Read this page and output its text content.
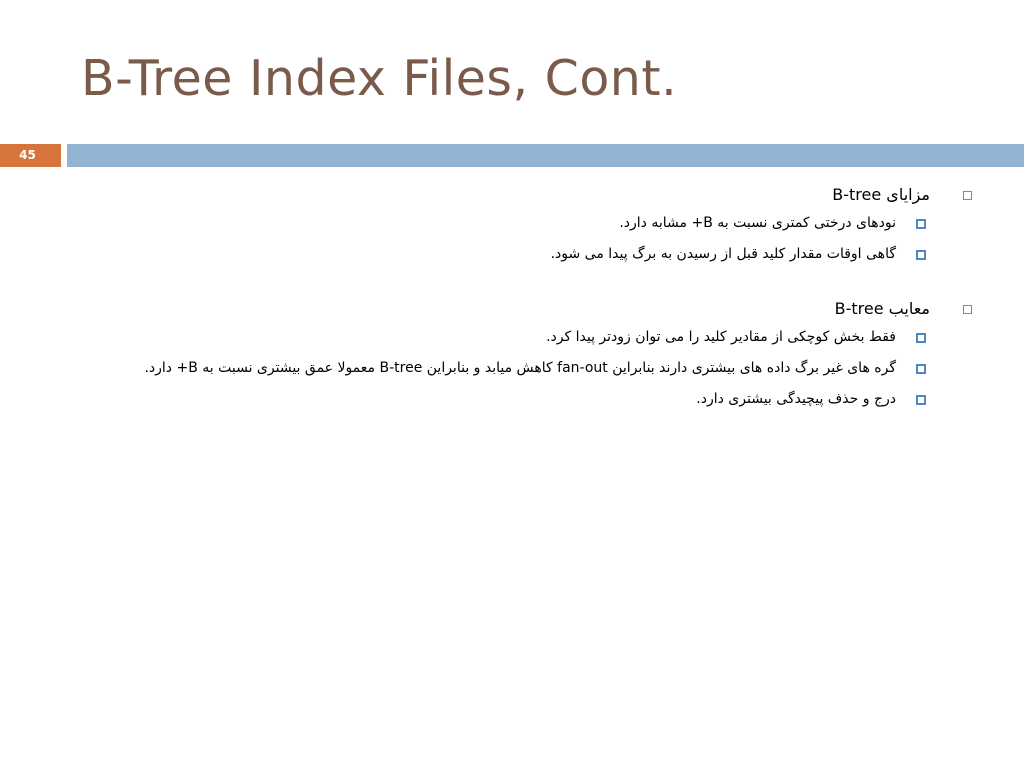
B-Tree Index Files, Cont.
45
مزایای B-tree
نودهای درختی کمتری نسبت به B+ مشابه دارد.
گاهی اوقات مقدار کلید قبل از رسیدن به برگ پیدا می شود.
معایب B-tree
فقط بخش کوچکی از مقادیر کلید را می توان زودتر پیدا کرد.
گره های غیر برگ داده های بیشتری دارند بنابراین fan-out کاهش میابد و بنابراین B-tree معمولا عمق بیشتری نسبت به B+ دارد.
درج و حذف پیچیدگی بیشتری دارد.
